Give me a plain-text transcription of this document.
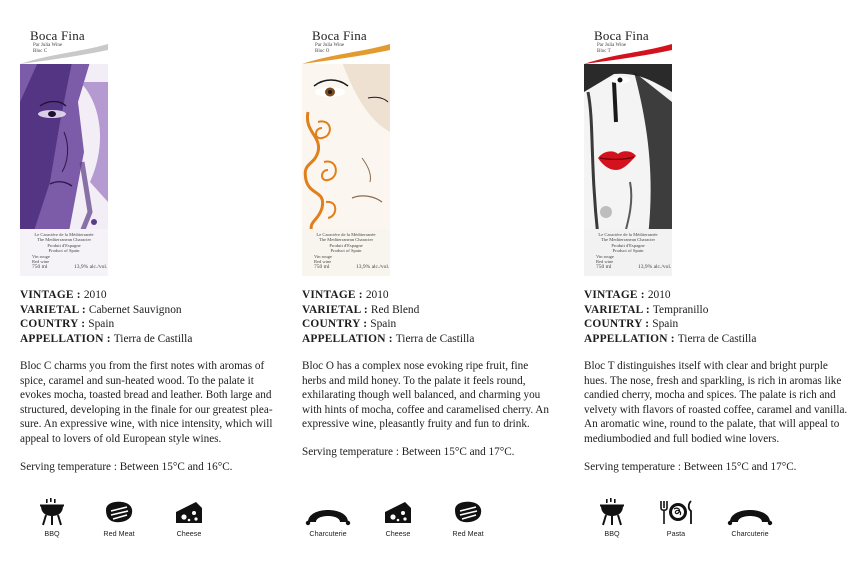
Boca Fina
Par Julia Wine
Bloc C
Le Caractère de la Méditerranée
The Mediterranean Character
Produit d'Espagne
Product of Spain
Vin rouge
Red wine
750 ml	13,9% alc./vol.
VINTAGE : 2010
VARIETAL : Cabernet Sauvignon
COUNTRY : Spain
APPELLATION : Tierra de Castilla

Bloc C charms you from the first notes with aromas of spice, caramel and sun-heated wood. To the palate it evokes mocha, toasted bread and leather. Both large and structured, developing in the finale for our greatest plea-sure. An expressive wine, with nice intensity, which will appeal to lovers of old European style wines.

Serving temperature : Between 15°C and 16°C.
BBQ	Red Meat	Cheese
Boca Fina
Par Julia Wine
Bloc O
Le Caractère de la Méditerranée
The Mediterranean Character
Produit d'Espagne
Product of Spain
Vin rouge
Red wine
750 ml	13,9% alc./vol.
VINTAGE : 2010
VARIETAL : Red Blend
COUNTRY : Spain
APPELLATION : Tierra de Castilla

Bloc O has a complex nose evoking ripe fruit, fine herbs and mild honey. To the palate it feels round, exhilarating though well balanced, and charming you with hints of mocha, coffee and caramelised cherry. An expressive wine, pleasantly fruity and fun to drink.

Serving temperature : Between 15°C and 17°C.
Charcuterie	Cheese	Red Meat
Boca Fina
Par Julia Wine
Bloc T
Le Caractère de la Méditerranée
The Mediterranean Character
Produit d'Espagne
Product of Spain
Vin rouge
Red wine
750 ml	13,9% alc./vol.
VINTAGE : 2010
VARIETAL : Tempranillo
COUNTRY : Spain
APPELLATION : Tierra de Castilla

Bloc T distinguishes itself with clear and bright purple hues. The nose, fresh and sparkling, is rich in aromas like candied cherry, mocha and spices. The palate is rich and velvety with flavors of roasted coffee, caramel and vanilla. An aromatic wine, round to the palate, that will appeal to mediumbodied and full bodied wine lovers.

Serving temperature : Between 15°C and 17°C.
BBQ	Pasta	Charcuterie
